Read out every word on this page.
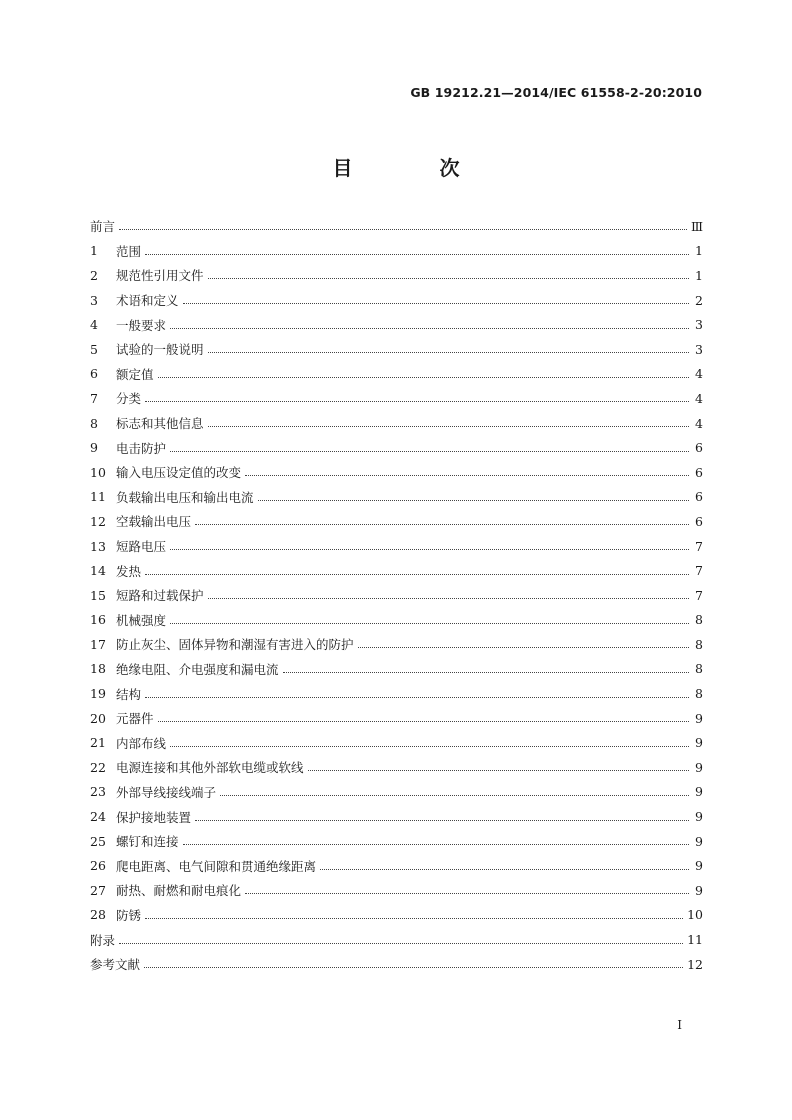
GB 19212.21—2014/IEC 61558-2-20:2010
目 次
前言	Ⅲ
1	范围	1
2	规范性引用文件	1
3	术语和定义	2
4	一般要求	3
5	试验的一般说明	3
6	额定值	4
7	分类	4
8	标志和其他信息	4
9	电击防护	6
10 输入电压设定值的改变	6
11 负载输出电压和输出电流	6
12 空载输出电压	6
13 短路电压	7
14 发热	7
15 短路和过载保护	7
16 机械强度	8
17 防止灰尘、固体异物和潮湿有害进入的防护	8
18 绝缘电阻、介电强度和漏电流	8
19 结构	8
20 元器件	9
21 内部布线	9
22 电源连接和其他外部软电缆或软线	9
23 外部导线接线端子	9
24 保护接地装置	9
25 螺钉和连接	9
26 爬电距离、电气间隙和贯通绝缘距离	9
27 耐热、耐燃和耐电痕化	9
28 防锈	10
附录	11
参考文献	12
I
